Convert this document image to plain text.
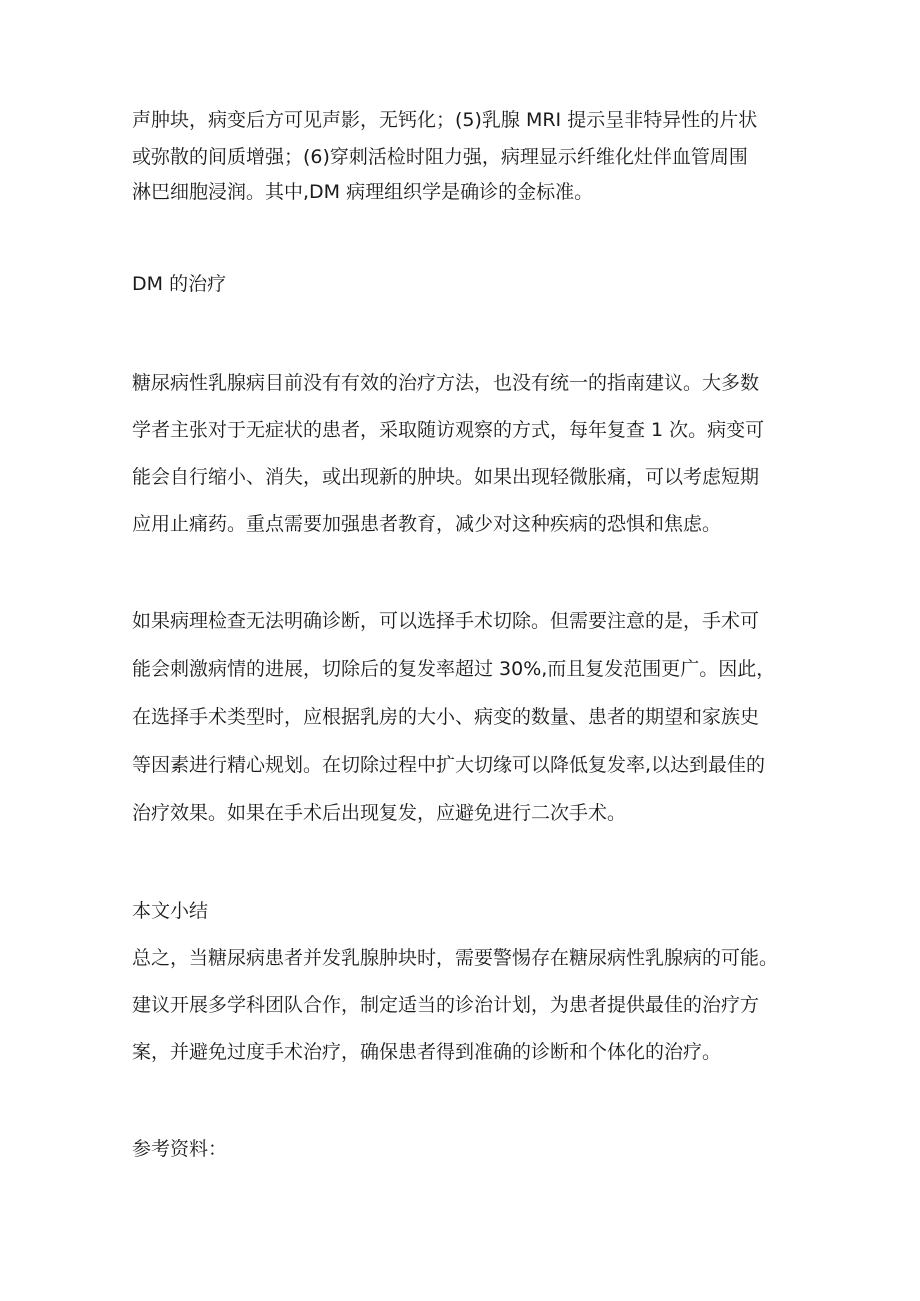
声肿块，病变后方可见声影，无钙化；(5)乳腺 MRI 提示呈非特异性的片状

或弥散的间质增强；(6)穿刺活检时阻力强，病理显示纤维化灶伴血管周围

淋巴细胞浸润。其中,DM 病理组织学是确诊的金标准。

DM 的治疗

糖尿病性乳腺病目前没有有效的治疗方法，也没有统一的指南建议。大多数

学者主张对于无症状的患者，采取随访观察的方式，每年复查 1 次。病变可

能会自行缩小、消失，或出现新的肿块。如果出现轻微胀痛，可以考虑短期

应用止痛药。重点需要加强患者教育，减少对这种疾病的恐惧和焦虑。

如果病理检查无法明确诊断，可以选择手术切除。但需要注意的是，手术可

能会刺激病情的进展，切除后的复发率超过 30%,而且复发范围更广。因此，

在选择手术类型时，应根据乳房的大小、病变的数量、患者的期望和家族史

等因素进行精心规划。在切除过程中扩大切缘可以降低复发率,以达到最佳的

治疗效果。如果在手术后出现复发，应避免进行二次手术。

本文小结

总之，当糖尿病患者并发乳腺肿块时，需要警惕存在糖尿病性乳腺病的可能。

建议开展多学科团队合作，制定适当的诊治计划，为患者提供最佳的治疗方

案，并避免过度手术治疗，确保患者得到准确的诊断和个体化的治疗。

参考资料：
